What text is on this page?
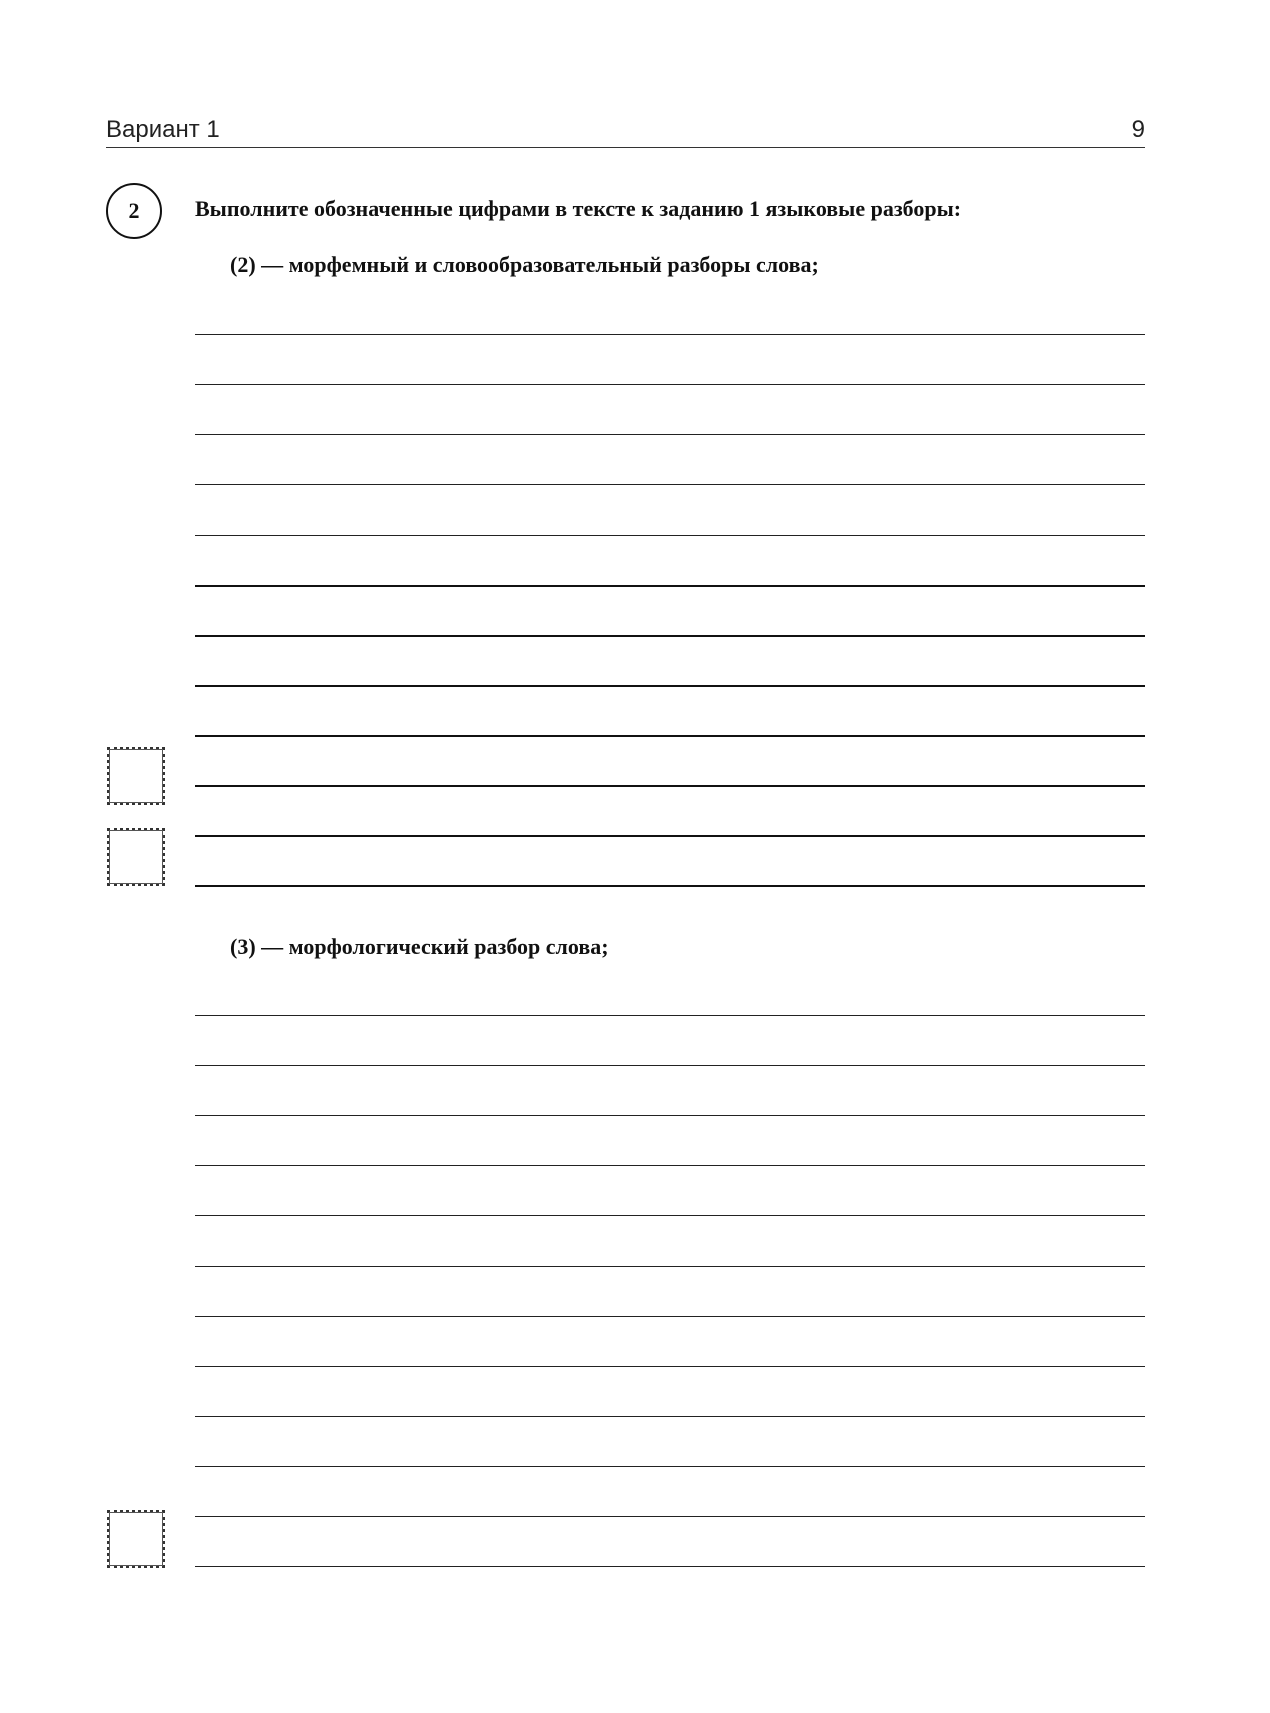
Вариант 1	9
2	Выполните обозначенные цифрами в тексте к заданию 1 языковые разборы:
(2) — морфемный и словообразовательный разборы слова;
(3) — морфологический разбор слова;
